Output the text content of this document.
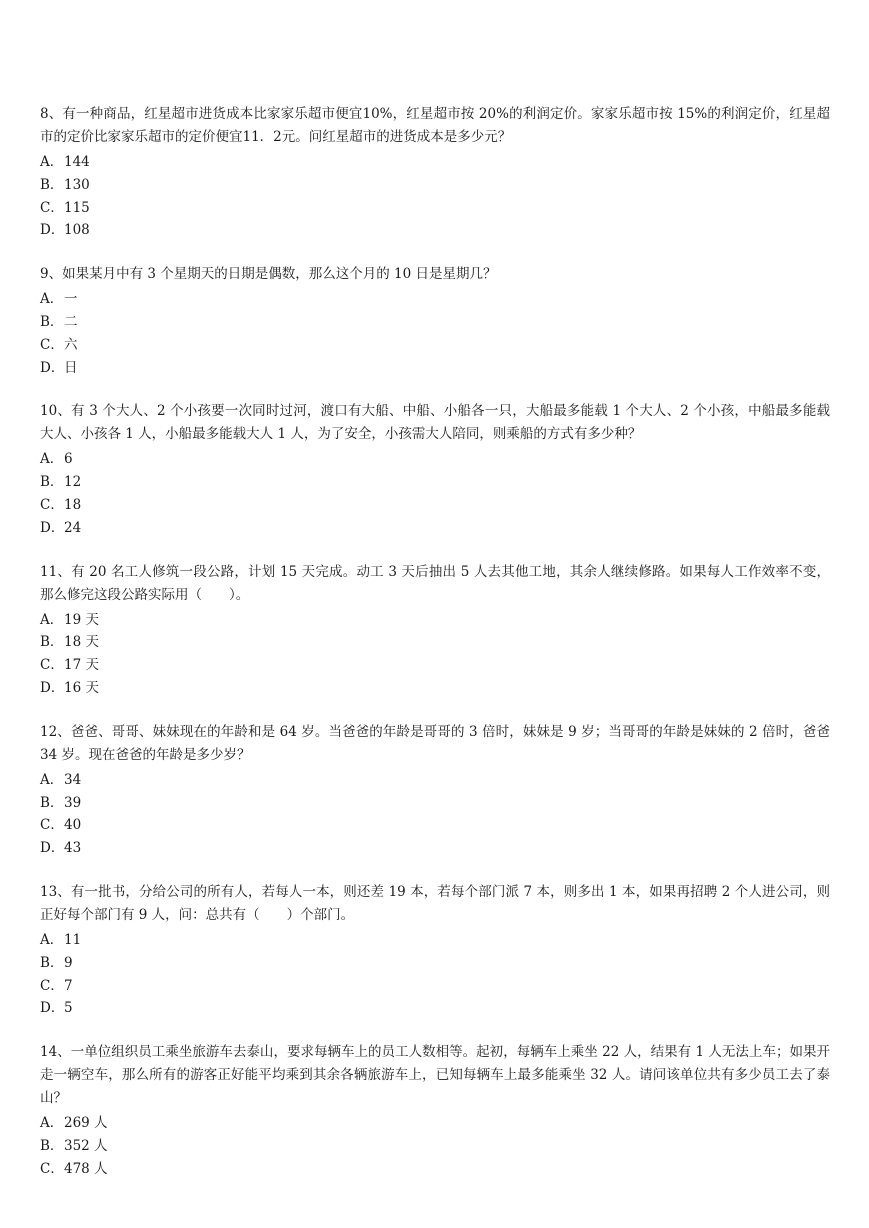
8、有一种商品，红星超市进货成本比家家乐超市便宜10%，红星超市按 20%的利润定价。家家乐超市按 15%的利润定价，红星超市的定价比家家乐超市的定价便宜11．2元。问红星超市的进货成本是多少元？

A．144
B．130
C．115
D．108

9、如果某月中有 3 个星期天的日期是偶数，那么这个月的 10 日是星期几？

A．一
B．二
C．六
D．日

10、有 3 个大人、2 个小孩要一次同时过河，渡口有大船、中船、小船各一只，大船最多能载 1 个大人、2 个小孩，中船最多能载大人、小孩各 1 人，小船最多能载大人 1 人，为了安全，小孩需大人陪同，则乘船的方式有多少种？

A．6
B．12
C．18
D．24

11、有 20 名工人修筑一段公路，计划 15 天完成。动工 3 天后抽出 5 人去其他工地，其余人继续修路。如果每人工作效率不变，那么修完这段公路实际用（　　）。

A．19 天
B．18 天
C．17 天
D．16 天

12、爸爸、哥哥、妹妹现在的年龄和是 64 岁。当爸爸的年龄是哥哥的 3 倍时，妹妹是 9 岁；当哥哥的年龄是妹妹的 2 倍时，爸爸 34 岁。现在爸爸的年龄是多少岁？

A．34
B．39
C．40
D．43

13、有一批书，分给公司的所有人，若每人一本，则还差 19 本，若每个部门派 7 本，则多出 1 本，如果再招聘 2 个人进公司，则正好每个部门有 9 人，问：总共有（　　）个部门。

A．11
B．9
C．7
D．5

14、一单位组织员工乘坐旅游车去泰山，要求每辆车上的员工人数相等。起初，每辆车上乘坐 22 人，结果有 1 人无法上车；如果开走一辆空车，那么所有的游客正好能平均乘到其余各辆旅游车上，已知每辆车上最多能乘坐 32 人。请问该单位共有多少员工去了泰山？

A．269 人
B．352 人
C．478 人
